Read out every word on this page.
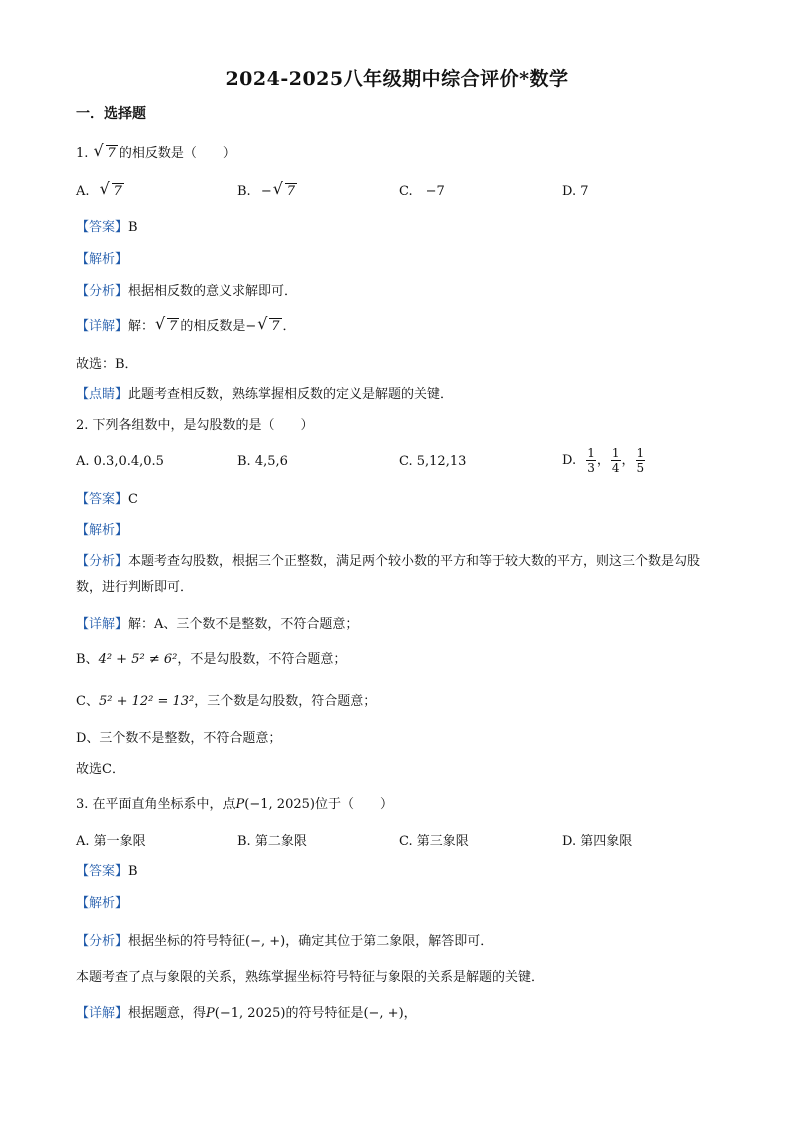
2024-2025八年级期中综合评价*数学
一．选择题
1. √ 7 的相反数是（　　）
A. √ 7	B. − √ 7	C.　−7	D. 7
【答案】B
【解析】
【分析】根据相反数的意义求解即可．
【详解】解： √ 7 的相反数是− √ 7 ．
故选：B．
【点睛】此题考查相反数，熟练掌握相反数的定义是解题的关键．
2. 下列各组数中，是勾股数的是（　　）
A. 0.3,0.4,0.5	B. 4,5,6	C. 5,12,13	D. $\frac{1}{3}$ ， $\frac{1}{4}$ ， $\frac{1}{5}$
【答案】C
【解析】
【分析】本题考查勾股数，根据三个正整数，满足两个较小数的平方和等于较大数的平方，则这三个数是勾股数，进行判断即可．
【详解】解：A、三个数不是整数，不符合题意；
B、4² + 5² ≠ 6²，不是勾股数，不符合题意；
C、5² + 12² = 13²，三个数是勾股数，符合题意；
D、三个数不是整数，不符合题意；
故选C．
3. 在平面直角坐标系中，点P(−1, 2025)位于（　　）
A. 第一象限	B. 第二象限	C. 第三象限	D. 第四象限
【答案】B
【解析】
【分析】根据坐标的符号特征(−, +)，确定其位于第二象限，解答即可．
本题考查了点与象限的关系，熟练掌握坐标符号特征与象限的关系是解题的关键．
【详解】根据题意，得P(−1, 2025)的符号特征是(−, +)，
